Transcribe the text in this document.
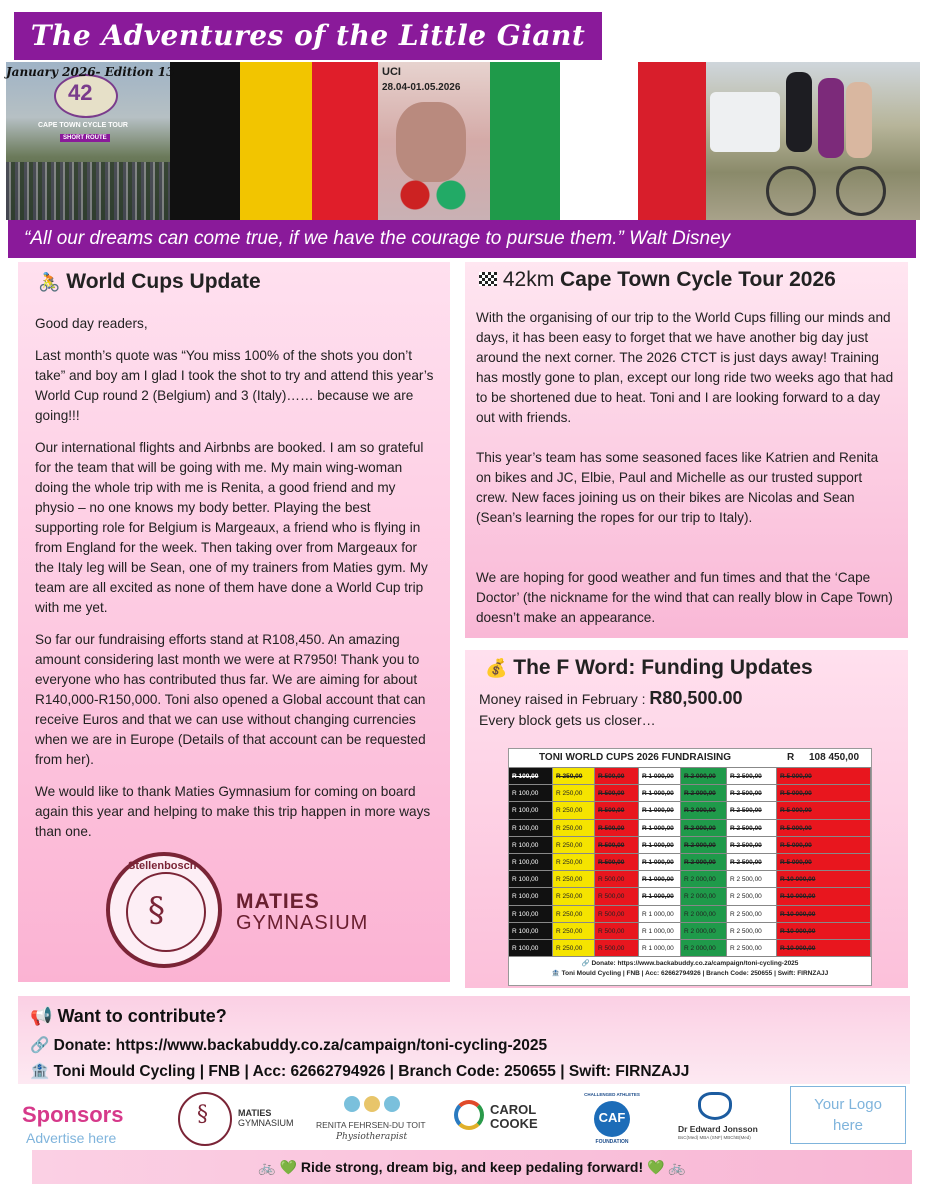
The Adventures of the Little Giant
42
CAPE TOWN CYCLE TOUR
SHORT ROUTE
UCI
28.04-01.05.2026
January 2026- Edition 13
“All our dreams can come true, if we have the courage to pursue them.” Walt Disney
🚴 World Cups Update

Good day readers,

Last month’s quote was “You miss 100% of the shots you don’t take” and boy am I glad I took the shot to try and attend this year’s World Cup round 2 (Belgium) and 3 (Italy)…… because we are going!!!

Our international flights and Airbnbs are booked. I am so grateful for the team that will be going with me. My main wing-woman doing the whole trip with me is Renita, a good friend and my physio – no one knows my body better. Playing the best supporting role for Belgium is Margeaux, a friend who is flying in from England for the week. Then taking over from Margeaux for the Italy leg will be Sean, one of my trainers from Maties gym. My team are all excited as none of them have done a World Cup trip with me yet.

So far our fundraising efforts stand at R108,450. An amazing amount considering last month we were at R7950! Thank you to everyone who has contributed thus far. We are aiming for about R140,000-R150,000. Toni also opened a Global account that can receive Euros and that we can use without changing currencies when we are in Europe (Details of that account can be requested from her).

We would like to thank Maties Gymnasium for coming on board again this year and helping to make this trip happen in more ways than one.

Stellenbosch
§	MATIES
GYMNASIUM
42km Cape Town Cycle Tour 2026

With the organising of our trip to the World Cups filling our minds and days, it has been easy to forget that we have another big day just around the next corner. The 2026 CTCT is just days away! Training has mostly gone to plan, except our long ride two weeks ago that had to be shortened due to heat. Toni and I are looking forward to a day out with friends.

This year’s team has some seasoned faces like Katrien and Renita on bikes and JC, Elbie, Paul and Michelle as our trusted support crew. New faces joining us on their bikes are Nicolas and Sean (Sean’s learning the ropes for our trip to Italy).

We are hoping for good weather and fun times and that the ‘Cape Doctor’ (the nickname for the wind that can really blow in Cape Town) doesn’t make an appearance.

💰 The F Word: Funding Updates
Money raised in February : R80,500.00
Every block gets us closer…
TONI WORLD CUPS 2026 FUNDRAISING	R 108 450,00
R 100,00	R 250,00	R 500,00	R 1 000,00	R 2 000,00	R 2 500,00	R 5 000,00
R 100,00	R 250,00	R 500,00	R 1 000,00	R 2 000,00	R 2 500,00	R 5 000,00
R 100,00	R 250,00	R 500,00	R 1 000,00	R 2 000,00	R 2 500,00	R 5 000,00
R 100,00	R 250,00	R 500,00	R 1 000,00	R 2 000,00	R 2 500,00	R 5 000,00
R 100,00	R 250,00	R 500,00	R 1 000,00	R 2 000,00	R 2 500,00	R 5 000,00
R 100,00	R 250,00	R 500,00	R 1 000,00	R 2 000,00	R 2 500,00	R 5 000,00
R 100,00	R 250,00	R 500,00	R 1 000,00	R 2 000,00	R 2 500,00	R 10 000,00
R 100,00	R 250,00	R 500,00	R 1 000,00	R 2 000,00	R 2 500,00	R 10 000,00
R 100,00	R 250,00	R 500,00	R 1 000,00	R 2 000,00	R 2 500,00	R 10 000,00
R 100,00	R 250,00	R 500,00	R 1 000,00	R 2 000,00	R 2 500,00	R 10 000,00
R 100,00	R 250,00	R 500,00	R 1 000,00	R 2 000,00	R 2 500,00	R 10 000,00
🔗 Donate: https://www.backabuddy.co.za/campaign/toni-cycling-2025
🏦 Toni Mould Cycling | FNB | Acc: 62662794926 | Branch Code: 250655 | Swift: FIRNZAJJ
📢 Want to contribute?
🔗 Donate: https://www.backabuddy.co.za/campaign/toni-cycling-2025
🏦 Toni Mould Cycling | FNB | Acc: 62662794926 | Branch Code: 250655 | Swift: FIRNZAJJ
Sponsors
Advertise here
§	MATIES
GYMNASIUM	RENITA FEHRSEN-DU TOIT
Physiotherapist
CAROL
COOKE
CHALLENGED ATHLETES
CAF
FOUNDATION
Dr Edward Jonsson
BsC(Med) MBA (SNF) MBChB(Med)
Your Logo
here
🚲 💚 Ride strong, dream big, and keep pedaling forward! 💚 🚲
